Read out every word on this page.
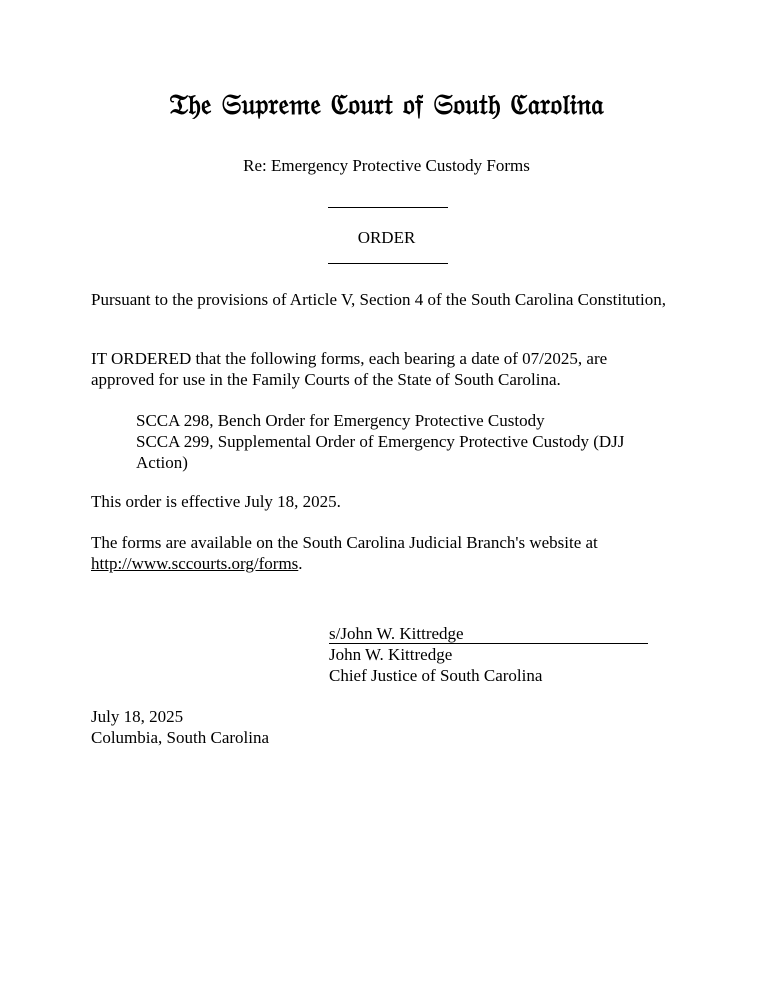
𝔗𝔥𝔢 𝔖𝔲𝔭𝔯𝔢𝔪𝔢 ℭ𝔬𝔲𝔯𝔱 𝔬𝔣 𝔖𝔬𝔲𝔱𝔥 ℭ𝔞𝔯𝔬𝔩𝔦𝔫𝔞
Re: Emergency Protective Custody Forms
ORDER

Pursuant to the provisions of Article V, Section 4 of the South Carolina Constitution,

IT ORDERED that the following forms, each bearing a date of 07/2025, are approved for use in the Family Courts of the State of South Carolina.

SCCA 298, Bench Order for Emergency Protective Custody
SCCA 299, Supplemental Order of Emergency Protective Custody (DJJ Action)

This order is effective July 18, 2025.

The forms are available on the South Carolina Judicial Branch's website at http://www.sccourts.org/forms.

s/John W. Kittredge
John W. Kittredge
Chief Justice of South Carolina
July 18, 2025
Columbia, South Carolina
